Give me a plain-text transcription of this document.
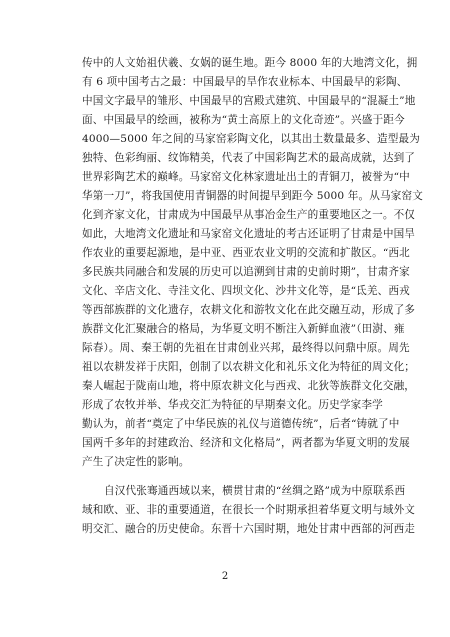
传中的人文始祖伏羲、女娲的诞生地。距今 8000 年的大地湾文化，拥
有 6 项中国考古之最：中国最早的旱作农业标本、中国最早的彩陶、
中国文字最早的雏形、中国最早的宫殿式建筑、中国最早的“混凝土”地
面、中国最早的绘画，被称为“黄土高原上的文化奇迹”。兴盛于距今
4000—5000 年之间的马家窑彩陶文化，以其出土数量最多、造型最为
独特、色彩绚丽、纹饰精美，代表了中国彩陶艺术的最高成就，达到了
世界彩陶艺术的巅峰。马家窑文化林家遗址出土的青铜刀，被誉为“中
华第一刀”，将我国使用青铜器的时间提早到距今 5000 年。从马家窑文
化到齐家文化，甘肃成为中国最早从事冶金生产的重要地区之一。不仅
如此，大地湾文化遗址和马家窑文化遗址的考古还证明了甘肃是中国旱
作农业的重要起源地，是中亚、西亚农业文明的交流和扩散区。“西北
多民族共同融合和发展的历史可以追溯到甘肃的史前时期”，甘肃齐家
文化、辛店文化、寺洼文化、四坝文化、沙井文化等，是“氐羌、西戎
等西部族群的文化遗存，农耕文化和游牧文化在此交融互动，形成了多
族群文化汇聚融合的格局，为华夏文明不断注入新鲜血液”（田澍、雍
际春）。周、秦王朝的先祖在甘肃创业兴邦，最终得以问鼎中原。周先
祖以农耕发祥于庆阳，创制了以农耕文化和礼乐文化为特征的周文化；
秦人崛起于陇南山地，将中原农耕文化与西戎、北狄等族群文化交融，
形成了农牧并举、华戎交汇为特征的早期秦文化。历史学家李学
勤认为，前者“奠定了中华民族的礼仪与道德传统”，后者“铸就了中
国两千多年的封建政治、经济和文化格局”，两者都为华夏文明的发展
产生了决定性的影响。
自汉代张骞通西域以来，横贯甘肃的“丝绸之路”成为中原联系西
域和欧、亚、非的重要通道，在很长一个时期承担着华夏文明与域外文
明交汇、融合的历史使命。东晋十六国时期，地处甘肃中西部的河西走
2
